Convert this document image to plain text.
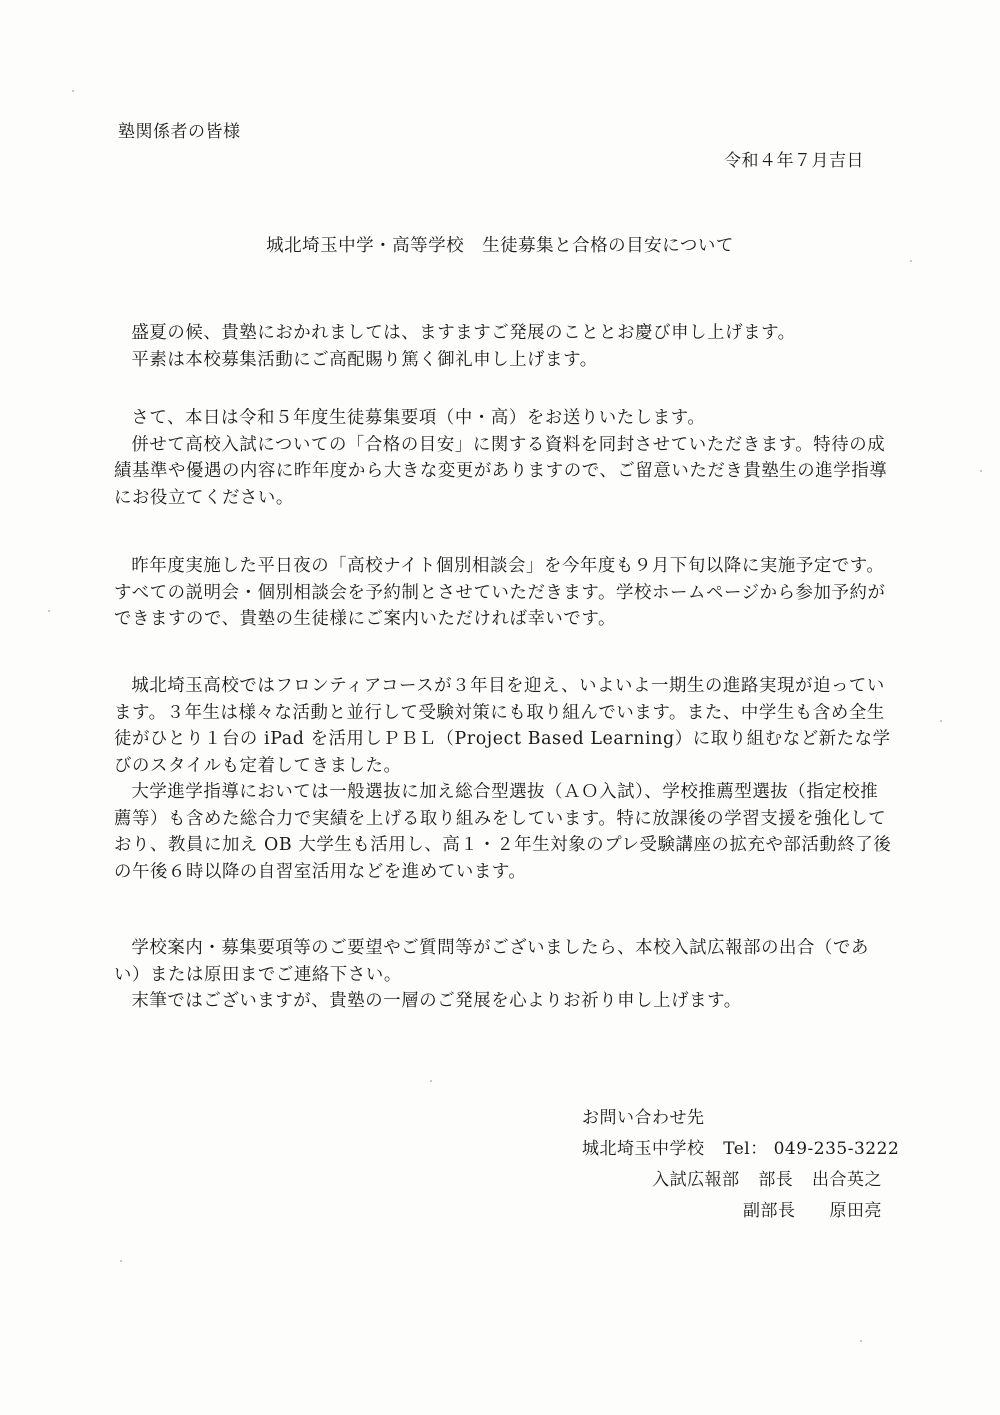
塾関係者の皆様
令和４年７月吉日
城北埼玉中学・高等学校　生徒募集と合格の目安について

盛夏の候、貴塾におかれましては、ますますご発展のこととお慶び申し上げます。

平素は本校募集活動にご高配賜り篤く御礼申し上げます。

さて、本日は令和５年度生徒募集要項（中・高）をお送りいたします。

併せて高校入試についての「合格の目安」に関する資料を同封させていただきます。特待の成績基準や優遇の内容に昨年度から大きな変更がありますので、ご留意いただき貴塾生の進学指導にお役立てください。

昨年度実施した平日夜の「高校ナイト個別相談会」を今年度も９月下旬以降に実施予定です。すべての説明会・個別相談会を予約制とさせていただきます。学校ホームページから参加予約ができますので、貴塾の生徒様にご案内いただければ幸いです。

城北埼玉高校ではフロンティアコースが３年目を迎え、いよいよ一期生の進路実現が迫っています。３年生は様々な活動と並行して受験対策にも取り組んでいます。また、中学生も含め全生徒がひとり１台の iPad を活用しＰＢＬ（Project Based Learning）に取り組むなど新たな学びのスタイルも定着してきました。

大学進学指導においては一般選抜に加え総合型選抜（ＡＯ入試）、学校推薦型選抜（指定校推薦等）も含めた総合力で実績を上げる取り組みをしています。特に放課後の学習支援を強化しており、教員に加え OB 大学生も活用し、高１・２年生対象のプレ受験講座の拡充や部活動終了後の午後６時以降の自習室活用などを進めています。

学校案内・募集要項等のご要望やご質問等がございましたら、本校入試広報部の出合（であい）または原田までご連絡下さい。

末筆ではございますが、貴塾の一層のご発展を心よりお祈り申し上げます。

お問い合わせ先
城北埼玉中学校 Tel： 049-235-3222
入試広報部 部長 出合英之
副部長 原田亮
